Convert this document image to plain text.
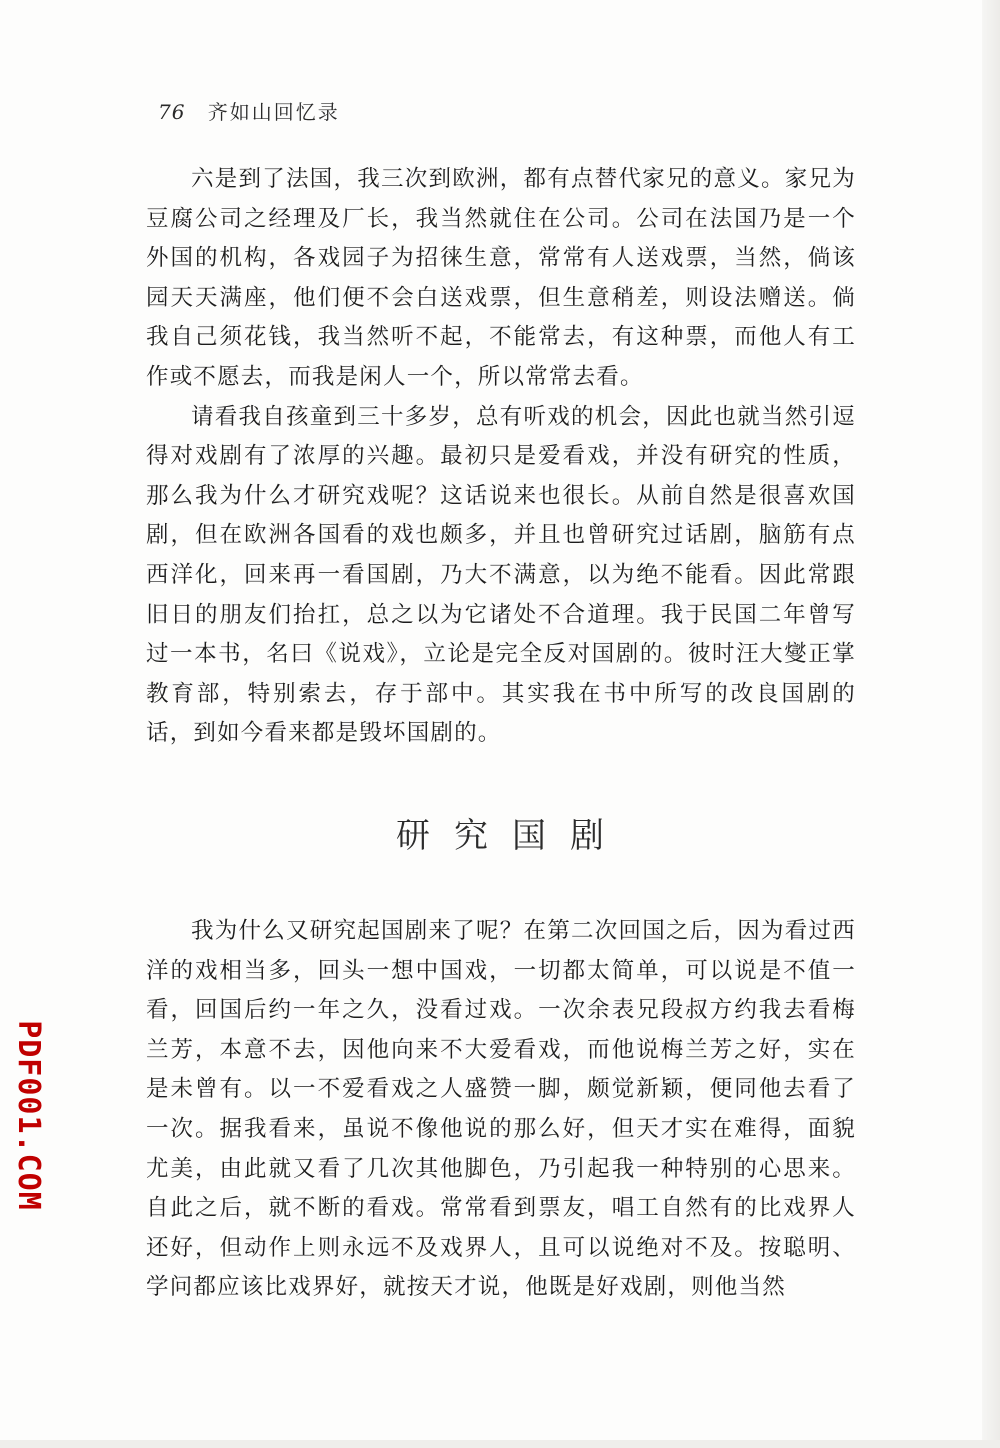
76 齐如山回忆录

六是到了法国，我三次到欧洲，都有点替代家兄的意义。家兄为豆腐公司之经理及厂长，我当然就住在公司。公司在法国乃是一个外国的机构，各戏园子为招徕生意，常常有人送戏票，当然，倘该园天天满座，他们便不会白送戏票，但生意稍差，则设法赠送。倘我自己须花钱，我当然听不起，不能常去，有这种票，而他人有工作或不愿去，而我是闲人一个，所以常常去看。

请看我自孩童到三十多岁，总有听戏的机会，因此也就当然引逗得对戏剧有了浓厚的兴趣。最初只是爱看戏，并没有研究的性质，那么我为什么才研究戏呢？这话说来也很长。从前自然是很喜欢国剧，但在欧洲各国看的戏也颇多，并且也曾研究过话剧，脑筋有点西洋化，回来再一看国剧，乃大不满意，以为绝不能看。因此常跟旧日的朋友们抬扛，总之以为它诸处不合道理。我于民国二年曾写过一本书，名曰《说戏》，立论是完全反对国剧的。彼时汪大燮正掌教育部，特别索去，存于部中。其实我在书中所写的改良国剧的话，到如今看来都是毁坏国剧的。

研究国剧

我为什么又研究起国剧来了呢？在第二次回国之后，因为看过西洋的戏相当多，回头一想中国戏，一切都太简单，可以说是不值一看，回国后约一年之久，没看过戏。一次余表兄段叔方约我去看梅兰芳，本意不去，因他向来不大爱看戏，而他说梅兰芳之好，实在是未曾有。以一不爱看戏之人盛赞一脚，颇觉新颖，便同他去看了一次。据我看来，虽说不像他说的那么好，但天才实在难得，面貌尤美，由此就又看了几次其他脚色，乃引起我一种特别的心思来。自此之后，就不断的看戏。常常看到票友，唱工自然有的比戏界人还好，但动作上则永远不及戏界人，且可以说绝对不及。按聪明、学问都应该比戏界好，就按天才说，他既是好戏剧，则他当然

PDF001.COM
